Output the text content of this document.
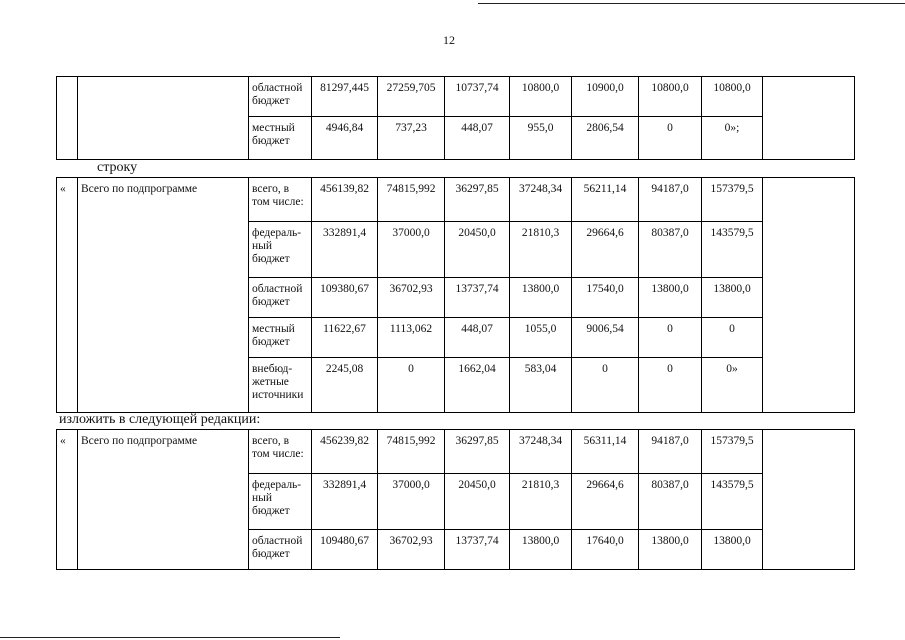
12
		областной бюджет	81297,445	27259,705	10737,74	10800,0	10900,0	10800,0	10800,0	
		местный бюджет	4946,84	737,23	448,07	955,0	2806,54	0	0»;	
строку
«	Всего по подпрограмме	всего, в том числе:	456139,82	74815,992	36297,85	37248,34	56211,14	94187,0	157379,5	
		федераль-ный бюджет	332891,4	37000,0	20450,0	21810,3	29664,6	80387,0	143579,5	
		областной бюджет	109380,67	36702,93	13737,74	13800,0	17540,0	13800,0	13800,0	
		местный бюджет	11622,67	1113,062	448,07	1055,0	9006,54	0	0	
		внебюд-жетные источники	2245,08	0	1662,04	583,04	0	0	0»	
изложить в следующей редакции:
«	Всего по подпрограмме	всего, в том числе:	456239,82	74815,992	36297,85	37248,34	56311,14	94187,0	157379,5	
		федераль-ный бюджет	332891,4	37000,0	20450,0	21810,3	29664,6	80387,0	143579,5	
		областной бюджет	109480,67	36702,93	13737,74	13800,0	17640,0	13800,0	13800,0	
